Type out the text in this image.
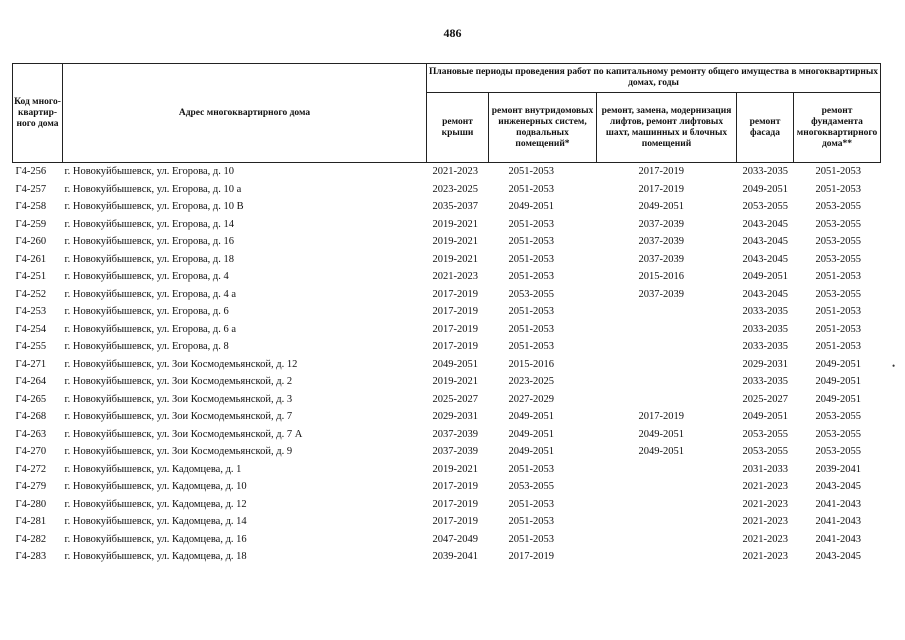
486
Код много-квартир-ного дома	Адрес многоквартирного дома	Плановые периоды проведения работ по капитальному ремонту общего имущества в многоквартирных домах, годы				
		ремонт крыши	ремонт внутридомовых инженерных систем, подвальных помещений*	ремонт, замена, модернизация лифтов, ремонт лифтовых шахт, машинных и блочных помещений	ремонт фасада	ремонт фундамента многоквартирного дома**
Г4-256	г. Новокуйбышевск, ул. Егорова, д. 10	2021-2023	2051-2053	2017-2019	2033-2035	2051-2053
Г4-257	г. Новокуйбышевск, ул. Егорова, д. 10 а	2023-2025	2051-2053	2017-2019	2049-2051	2051-2053
Г4-258	г. Новокуйбышевск, ул. Егорова, д. 10 В	2035-2037	2049-2051	2049-2051	2053-2055	2053-2055
Г4-259	г. Новокуйбышевск, ул. Егорова, д. 14	2019-2021	2051-2053	2037-2039	2043-2045	2053-2055
Г4-260	г. Новокуйбышевск, ул. Егорова, д. 16	2019-2021	2051-2053	2037-2039	2043-2045	2053-2055
Г4-261	г. Новокуйбышевск, ул. Егорова, д. 18	2019-2021	2051-2053	2037-2039	2043-2045	2053-2055
Г4-251	г. Новокуйбышевск, ул. Егорова, д. 4	2021-2023	2051-2053	2015-2016	2049-2051	2051-2053
Г4-252	г. Новокуйбышевск, ул. Егорова, д. 4 а	2017-2019	2053-2055	2037-2039	2043-2045	2053-2055
Г4-253	г. Новокуйбышевск, ул. Егорова, д. 6	2017-2019	2051-2053		2033-2035	2051-2053
Г4-254	г. Новокуйбышевск, ул. Егорова, д. 6 а	2017-2019	2051-2053		2033-2035	2051-2053
Г4-255	г. Новокуйбышевск, ул. Егорова, д. 8	2017-2019	2051-2053		2033-2035	2051-2053
Г4-271	г. Новокуйбышевск, ул. Зои Космодемьянской, д. 12	2049-2051	2015-2016		2029-2031	2049-2051
Г4-264	г. Новокуйбышевск, ул. Зои Космодемьянской, д. 2	2019-2021	2023-2025		2033-2035	2049-2051
Г4-265	г. Новокуйбышевск, ул. Зои Космодемьянской, д. 3	2025-2027	2027-2029		2025-2027	2049-2051
Г4-268	г. Новокуйбышевск, ул. Зои Космодемьянской, д. 7	2029-2031	2049-2051	2017-2019	2049-2051	2053-2055
Г4-263	г. Новокуйбышевск, ул. Зои Космодемьянской, д. 7 А	2037-2039	2049-2051	2049-2051	2053-2055	2053-2055
Г4-270	г. Новокуйбышевск, ул. Зои Космодемьянской, д. 9	2037-2039	2049-2051	2049-2051	2053-2055	2053-2055
Г4-272	г. Новокуйбышевск, ул. Кадомцева, д. 1	2019-2021	2051-2053		2031-2033	2039-2041
Г4-279	г. Новокуйбышевск, ул. Кадомцева, д. 10	2017-2019	2053-2055		2021-2023	2043-2045
Г4-280	г. Новокуйбышевск, ул. Кадомцева, д. 12	2017-2019	2051-2053		2021-2023	2041-2043
Г4-281	г. Новокуйбышевск, ул. Кадомцева, д. 14	2017-2019	2051-2053		2021-2023	2041-2043
Г4-282	г. Новокуйбышевск, ул. Кадомцева, д. 16	2047-2049	2051-2053		2021-2023	2041-2043
Г4-283	г. Новокуйбышевск, ул. Кадомцева, д. 18	2039-2041	2017-2019		2021-2023	2043-2045
•
